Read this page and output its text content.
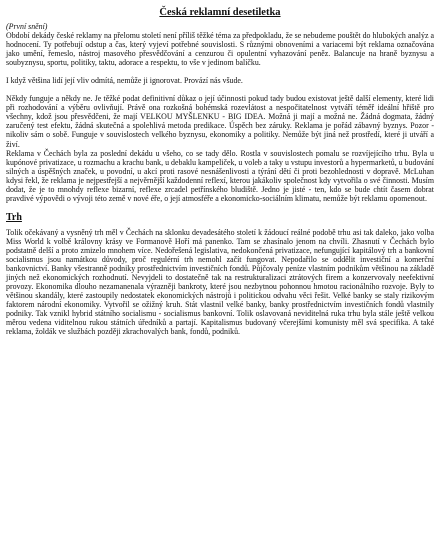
Česká reklamní desetiletka

(První snění)

Období dekády české reklamy na přelomu století není příliš těžké téma za předpokladu, že se nebudeme pouštět do hlubokých analýz a hodnocení. Ty potřebují odstup a čas, který vyjeví potřebné souvislosti. S různými obnoveními a variacemi být reklama označována jako umění, řemeslo, nástroj masového přesvědčování a cenzurou či opulentní vyhazování peněz. Balancuje na hraně byznysu a soubyznysu, sportu, politiky, taktu, adorace a respektu, to vše v jedinom balíčku.

I když většina lidí její vliv odmítá, nemůže ji ignorovat. Provází nás všude.

Někdy funguje a někdy ne. Je těžké podat definitivní důkaz o její účinnosti pokud tady budou existovat ještě další elementy, které lidi při rozhodování a výběru ovlivňují. Právě ona rozkošná bohémská rozevlátost a nespočitatelnost vytváří téměř ideální hřiště pro všechny, kdož jsou přesvědčeni, že mají VELKOU MYŠLENKU - BIG IDEA. Možná ji mají a možná ne. Žádná dogmata, žádný zaručený test efektu, žádná skutečná a spolehlivá metoda predikace. Úspěch bez záruky. Reklama je pořád zábavný byznys. Pozor - nikoliv sám o sobě. Funguje v souvislostech velkého byznysu, ekonomiky a politiky. Nemůže být jiná než prostředí, které ji utváří a živí.

Reklama v Čechách byla za poslední dekádu u všeho, co se tady dělo. Rostla v souvislostech pomalu se rozvíjejícího trhu. Byla u kupónové privatizace, u rozmachu a krachu bank, u debaklu kampeliček, u voleb a taky u vstupu investorů a hypermarketů, u budování silných a úspěšných značek, u povodní, u akcí proti rasové nesnášenlivosti a týrání dětí či proti bezohlednosti v dopravě. McLuhan kdysi řekl, že reklama je nejpestřejší a nejvěrnější každodenní reflexí, kterou jakákoliv společnost kdy vytvořila o své činnosti. Musím dodat, že je to mnohdy reflexe bizarní, reflexe zrcadel petřínského bludiště. Jedno je jisté - ten, kdo se bude chtít časem dobrat pravdivé výpovědi o vývoji této země v nové éře, o její atmosféře a ekonomicko-sociálním klimatu, nemůže být reklamu opomenout.

Trh

Tolik očekávaný a vysněný trh měl v Čechách na sklonku devadesátého století k žádoucí reálné podobě trhu asi tak daleko, jako volba Miss World k volbě královny krásy ve Formanově Hoří má panenko. Tam se zhasínalo jenom na chvíli. Zhasnutí v Čechách bylo podstatně delší a proto zmizelo mnohem více. Nedořešená legislativa, nedokončená privatizace, nefungující kapitálový trh a bankovní socialismus jsou namátkou důvody, proč regulérní trh nemohl začít fungovat. Nepodařilo se oddělit investiční a komerční bankovnictví. Banky všestranně podniky prostřednictvím investičních fondů. Půjčovaly peníze vlastním podnikům většinou na základě jiných než ekonomických rozhodnutí. Nevyjdeli to dostatečně tak na restrukturalizaci ztrátových firem a konzervovaly neefektivní provozy. Ekonomika dlouho nezamanenala výrazněji bankroty, které jsou nezbytnou pohonnou hmotou racionálního rozvoje. Byly to většinou skandály, které zastoupily nedostatek ekonomických nástrojů i politickou odvahu věci řešit. Velké banky se staly rizikovým faktorem národní ekonomiky. Vytvořil se ožižný kruh. Stát vlastnil velké banky, banky prostřednictvím investičních fondů vlastnily podniky. Tak vznikl hybrid státního socialismu - socialismus bankovní. Tolik oslavovaná neviditelná ruka trhu byla stále ještě velkou měrou vedena viditelnou rukou státních úředníků a partají. Kapitalismus budovaný včerejšími komunisty měl svá specifika. A také reklama, žoldák ve službách později zkrachovalých bank, fondů, podniků.
